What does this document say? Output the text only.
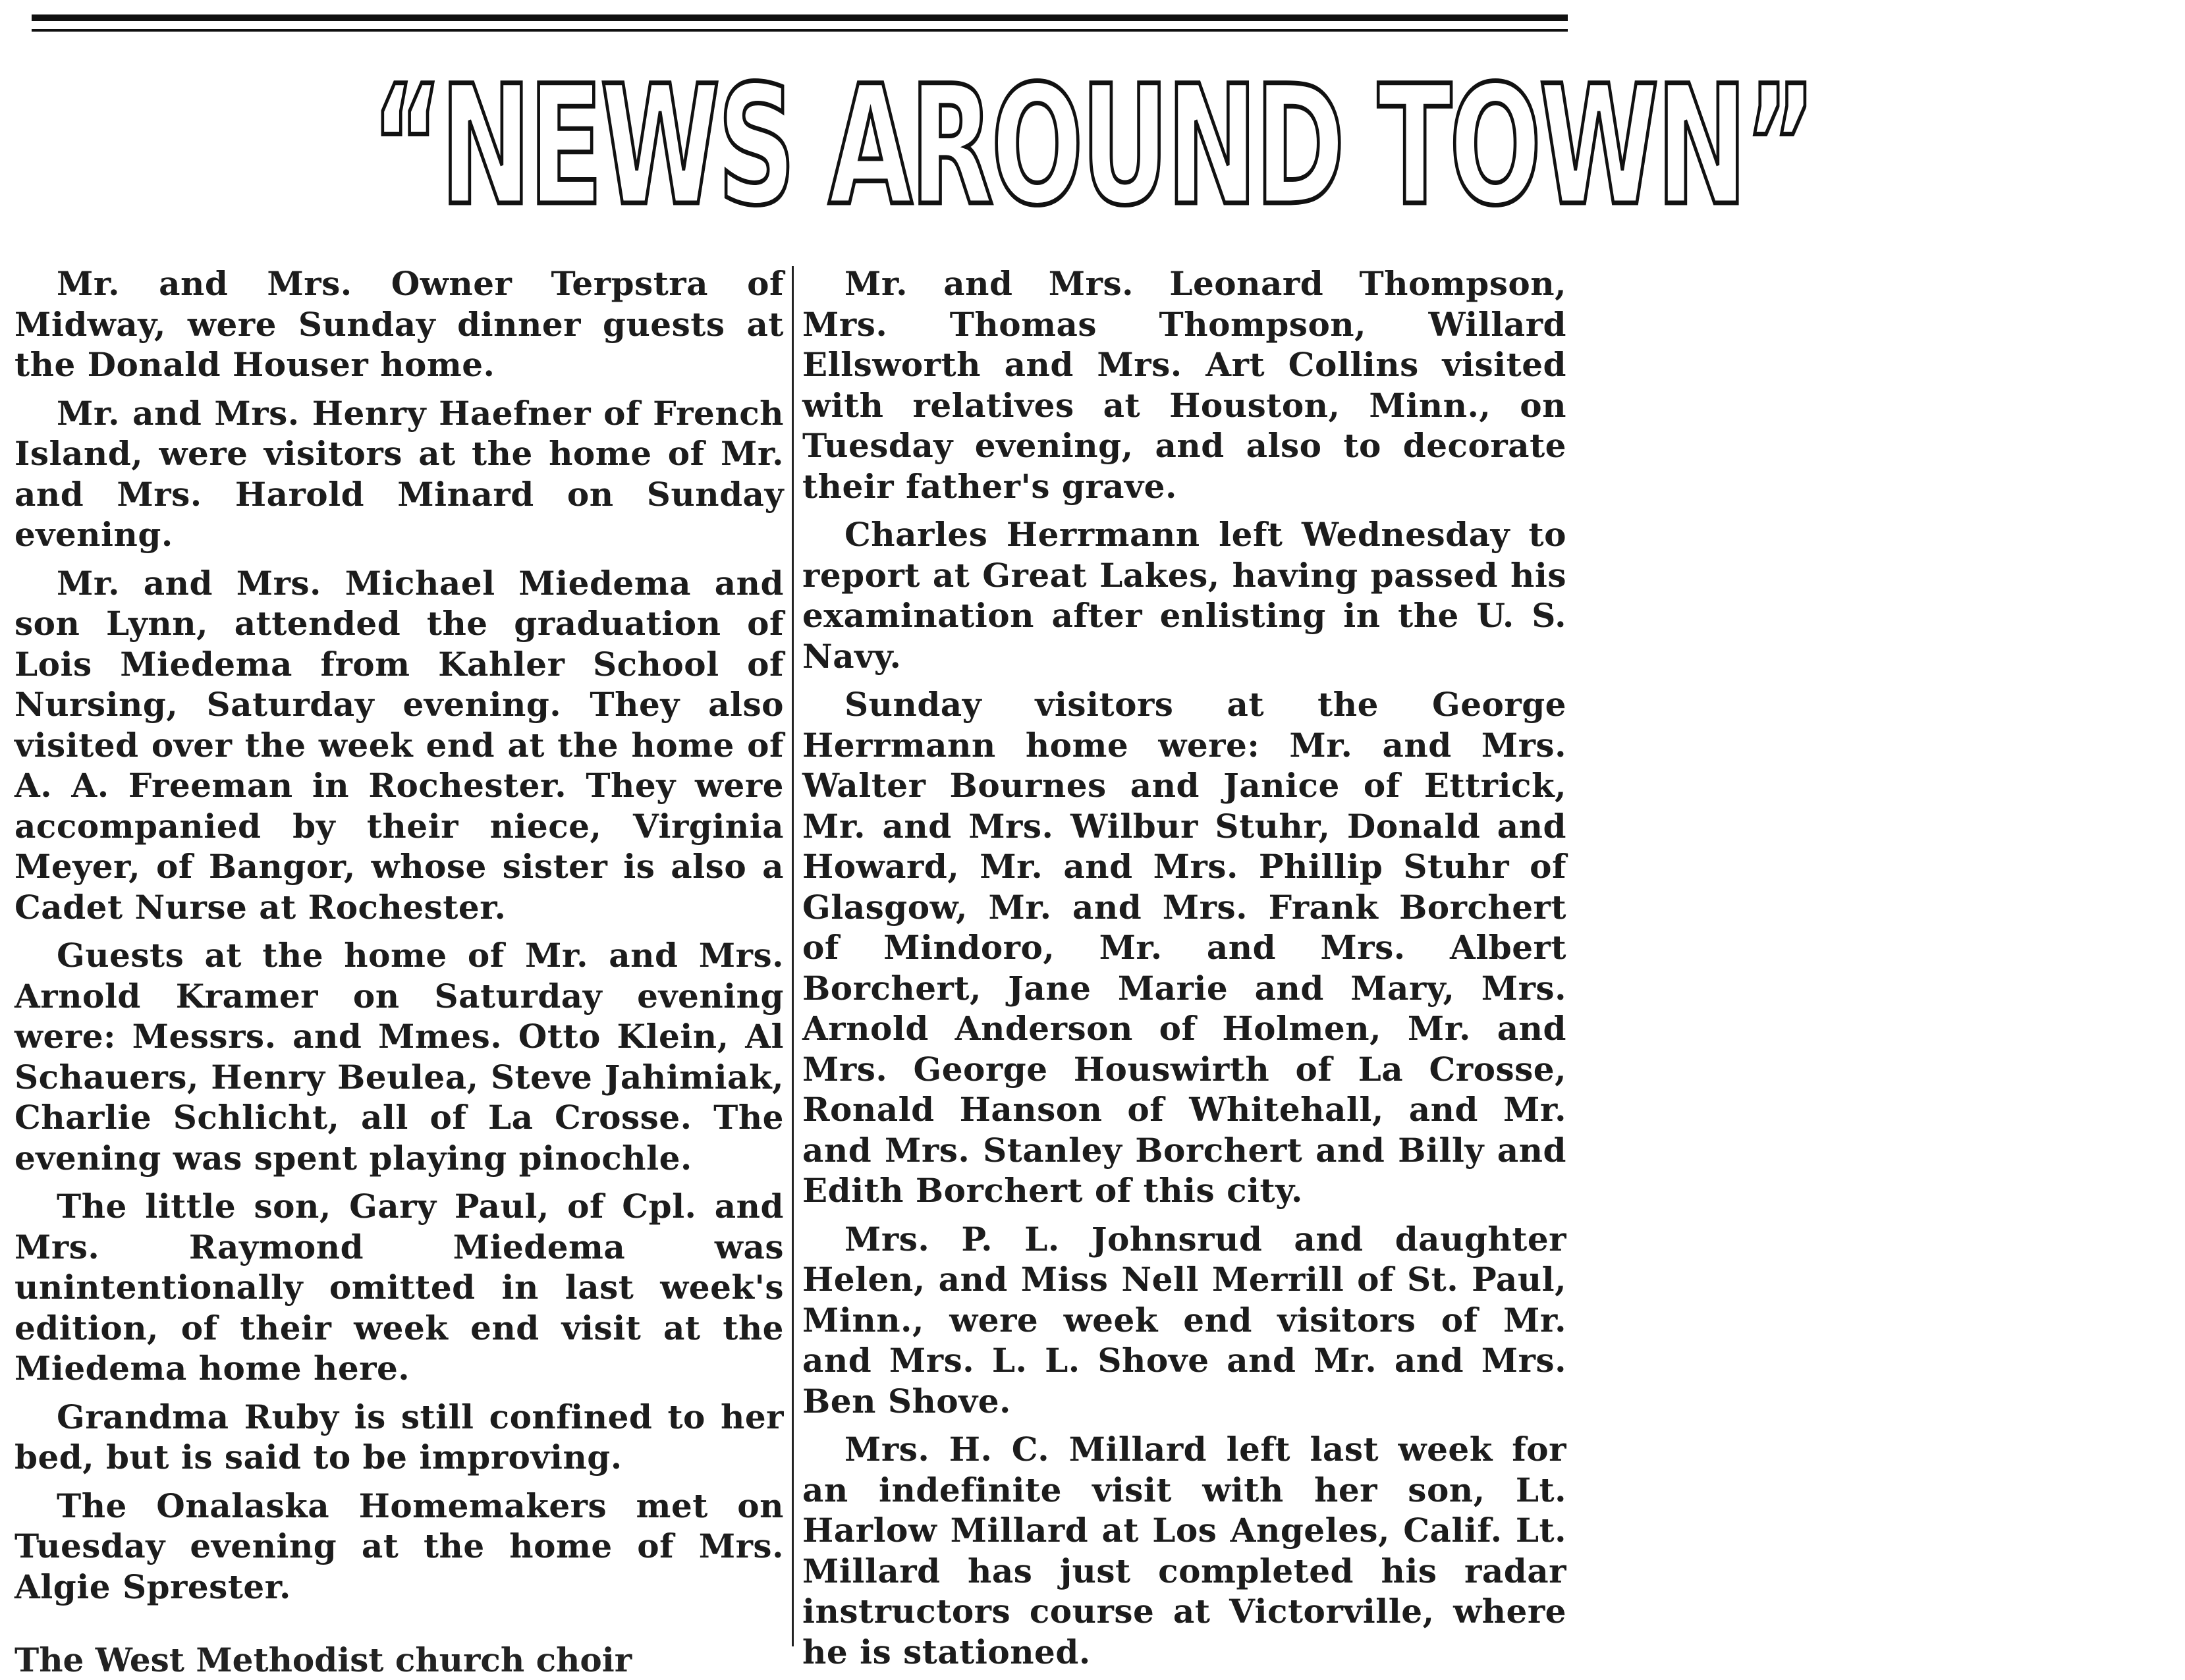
“NEWS AROUND TOWN”

Mr. and Mrs. Owner Terpstra of Midway, were Sunday dinner guests at the Donald Houser home.

Mr. and Mrs. Henry Haefner of French Island, were visitors at the home of Mr. and Mrs. Harold Minard on Sunday evening.

Mr. and Mrs. Michael Miedema and son Lynn, attended the graduation of Lois Miedema from Kahler School of Nursing, Saturday evening. They also visited over the week end at the home of A. A. Freeman in Rochester. They were accompanied by their niece, Virginia Meyer, of Bangor, whose sister is also a Cadet Nurse at Rochester.

Guests at the home of Mr. and Mrs. Arnold Kramer on Saturday evening were: Messrs. and Mmes. Otto Klein, Al Schauers, Henry Beulea, Steve Jahimiak, Charlie Schlicht, all of La Crosse. The evening was spent playing pinochle.

The little son, Gary Paul, of Cpl. and Mrs. Raymond Miedema was unintentionally omitted in last week's edition, of their week end visit at the Miedema home here.

Grandma Ruby is still confined to her bed, but is said to be improving.

The Onalaska Homemakers met on Tuesday evening at the home of Mrs. Algie Sprester.

Mr. and Mrs. Leonard Thompson, Mrs. Thomas Thompson, Willard Ellsworth and Mrs. Art Collins visited with relatives at Houston, Minn., on Tuesday evening, and also to decorate their father's grave.

Charles Herrmann left Wednesday to report at Great Lakes, having passed his examination after enlisting in the U. S. Navy.

Sunday visitors at the George Herrmann home were: Mr. and Mrs. Walter Bournes and Janice of Ettrick, Mr. and Mrs. Wilbur Stuhr, Donald and Howard, Mr. and Mrs. Phillip Stuhr of Glasgow, Mr. and Mrs. Frank Borchert of Mindoro, Mr. and Mrs. Albert Borchert, Jane Marie and Mary, Mrs. Arnold Anderson of Holmen, Mr. and Mrs. George Houswirth of La Crosse, Ronald Hanson of Whitehall, and Mr. and Mrs. Stanley Borchert and Billy and Edith Borchert of this city.

Mrs. P. L. Johnsrud and daughter Helen, and Miss Nell Merrill of St. Paul, Minn., were week end visitors of Mr. and Mrs. L. L. Shove and Mr. and Mrs. Ben Shove.

Mrs. H. C. Millard left last week for an indefinite visit with her son, Lt. Harlow Millard at Los Angeles, Calif. Lt. Millard has just completed his radar instructors course at Victorville, where he is stationed.

The West Methodist church choir
